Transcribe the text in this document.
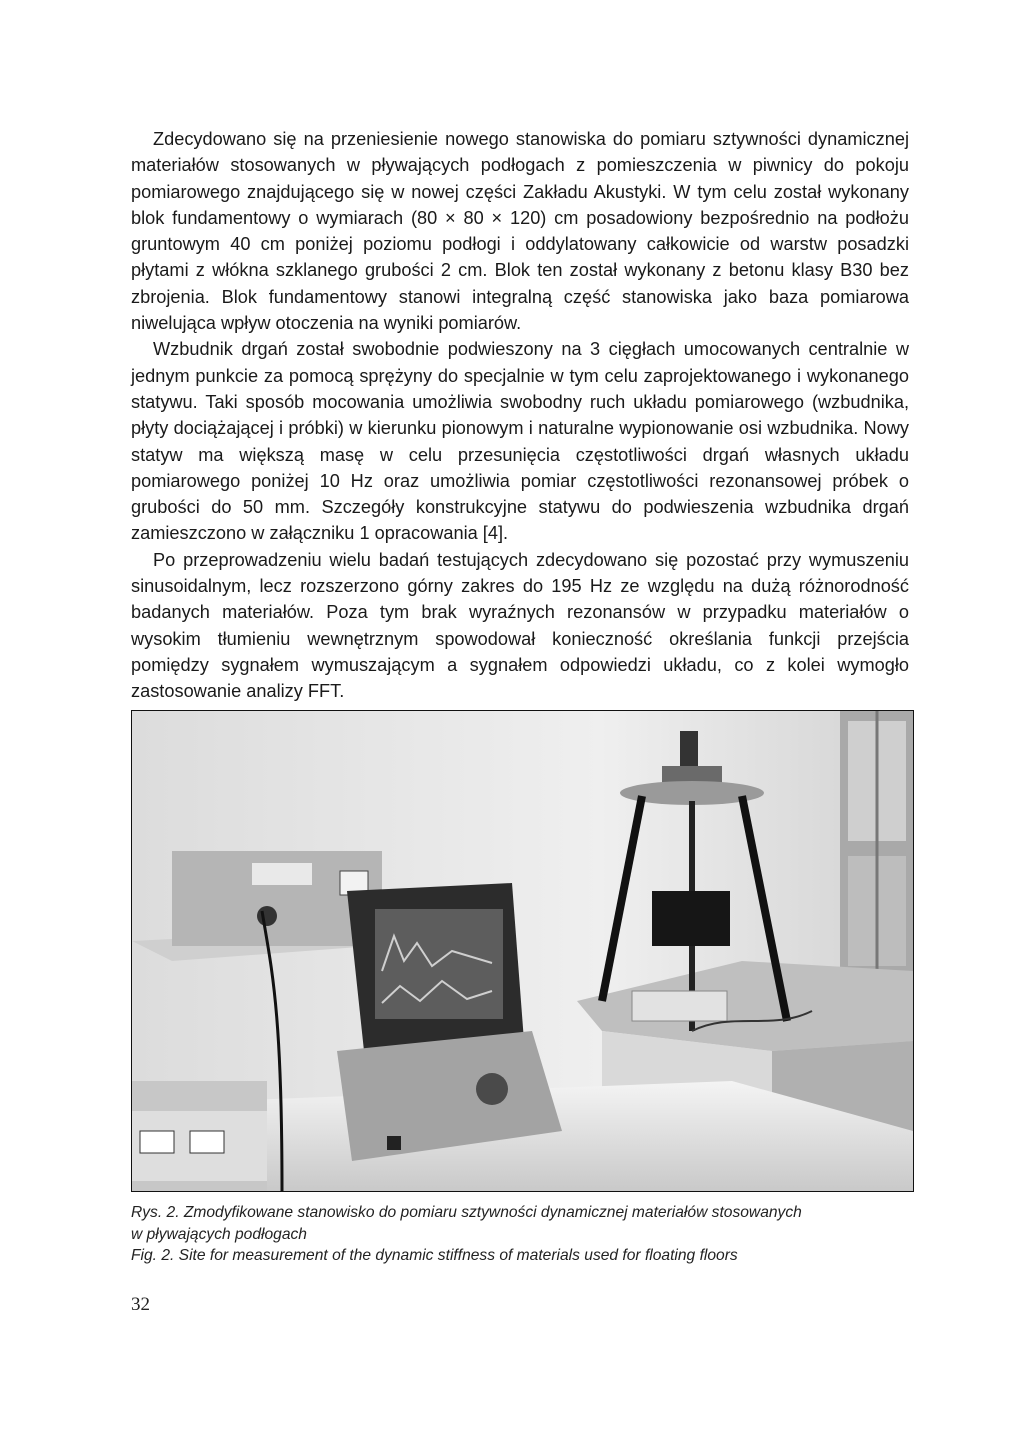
Zdecydowano się na przeniesienie nowego stanowiska do pomiaru sztywności dynamicznej materiałów stosowanych w pływających podłogach z pomieszczenia w piwnicy do pokoju pomiarowego znajdującego się w nowej części Zakładu Akustyki. W tym celu został wykonany blok fundamentowy o wymiarach (80 × 80 × 120) cm posadowiony bezpośrednio na podłożu gruntowym 40 cm poniżej poziomu podłogi i oddylatowany całkowicie od warstw posadzki płytami z włókna szklanego grubości 2 cm. Blok ten został wykonany z betonu klasy B30 bez zbrojenia. Blok fundamentowy stanowi integralną część stanowiska jako baza pomiarowa niwelująca wpływ otoczenia na wyniki pomiarów.

Wzbudnik drgań został swobodnie podwieszony na 3 cięgłach umocowanych centralnie w jednym punkcie za pomocą sprężyny do specjalnie w tym celu zaprojektowanego i wykonanego statywu. Taki sposób mocowania umożliwia swobodny ruch układu pomiarowego (wzbudnika, płyty dociążającej i próbki) w kierunku pionowym i naturalne wypionowanie osi wzbudnika. Nowy statyw ma większą masę w celu przesunięcia częstotliwości drgań własnych układu pomiarowego poniżej 10 Hz oraz umożliwia pomiar częstotliwości rezonansowej próbek o grubości do 50 mm. Szczegóły konstrukcyjne statywu do podwieszenia wzbudnika drgań zamieszczono w załączniku 1 opracowania [4].

Po przeprowadzeniu wielu badań testujących zdecydowano się pozostać przy wymuszeniu sinusoidalnym, lecz rozszerzono górny zakres do 195 Hz ze względu na dużą różnorodność badanych materiałów. Poza tym brak wyraźnych rezonansów w przypadku materiałów o wysokim tłumieniu wewnętrznym spowodował konieczność określania funkcji przejścia pomiędzy sygnałem wymuszającym a sygnałem odpowiedzi układu, co z kolei wymogło zastosowanie analizy FFT.

Rys. 2. Zmodyfikowane stanowisko do pomiaru sztywności dynamicznej materiałów stosowanych
w pływających podłogach
Fig. 2. Site for measurement of the dynamic stiffness of materials used for floating floors
32
